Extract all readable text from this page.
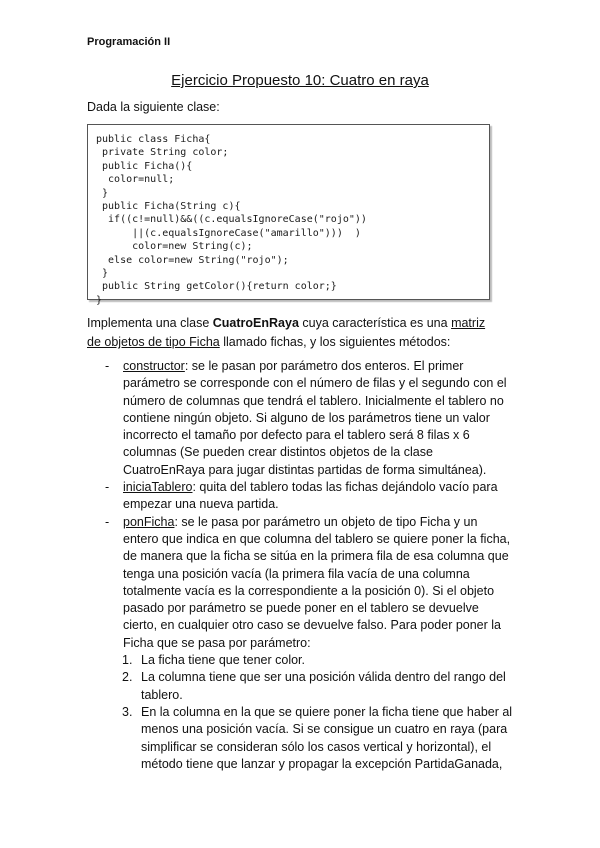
Programación II
Ejercicio Propuesto 10: Cuatro en raya
Dada la siguiente clase:
public class Ficha{
private String color;
public Ficha(){
color=null;
}
public Ficha(String c){
if((c!=null)&&((c.equalsIgnoreCase("rojo"))
||(c.equalsIgnoreCase("amarillo")))  )
color=new String(c);
else color=new String("rojo");
}
public String getColor(){return color;}
}
Implementa una clase CuatroEnRaya cuya característica es una matriz de objetos de tipo Ficha llamado fichas, y los siguientes métodos:
- constructor: se le pasan por parámetro dos enteros. El primer parámetro se corresponde con el número de filas y el segundo con el número de columnas que tendrá el tablero. Inicialmente el tablero no contiene ningún objeto. Si alguno de los parámetros tiene un valor incorrecto el tamaño por defecto para el tablero será 8 filas x 6 columnas (Se pueden crear distintos objetos de la clase CuatroEnRaya para jugar distintas partidas de forma simultánea).
- iniciaTablero: quita del tablero todas las fichas dejándolo vacío para empezar una nueva partida.
- ponFicha: se le pasa por parámetro un objeto de tipo Ficha y un entero que indica en que columna del tablero se quiere poner la ficha, de manera que la ficha se sitúa en la primera fila de esa columna que tenga una posición vacía (la primera fila vacía de una columna totalmente vacía es la correspondiente a la posición 0). Si el objeto pasado por parámetro se puede poner en el tablero se devuelve cierto, en cualquier otro caso se devuelve falso. Para poder poner la Ficha que se pasa por parámetro:
1. La ficha tiene que tener color.
2. La columna tiene que ser una posición válida dentro del rango del tablero.
3. En la columna en la que se quiere poner la ficha tiene que haber al menos una posición vacía. Si se consigue un cuatro en raya (para simplificar se consideran sólo los casos vertical y horizontal), el método tiene que lanzar y propagar la excepción PartidaGanada,
